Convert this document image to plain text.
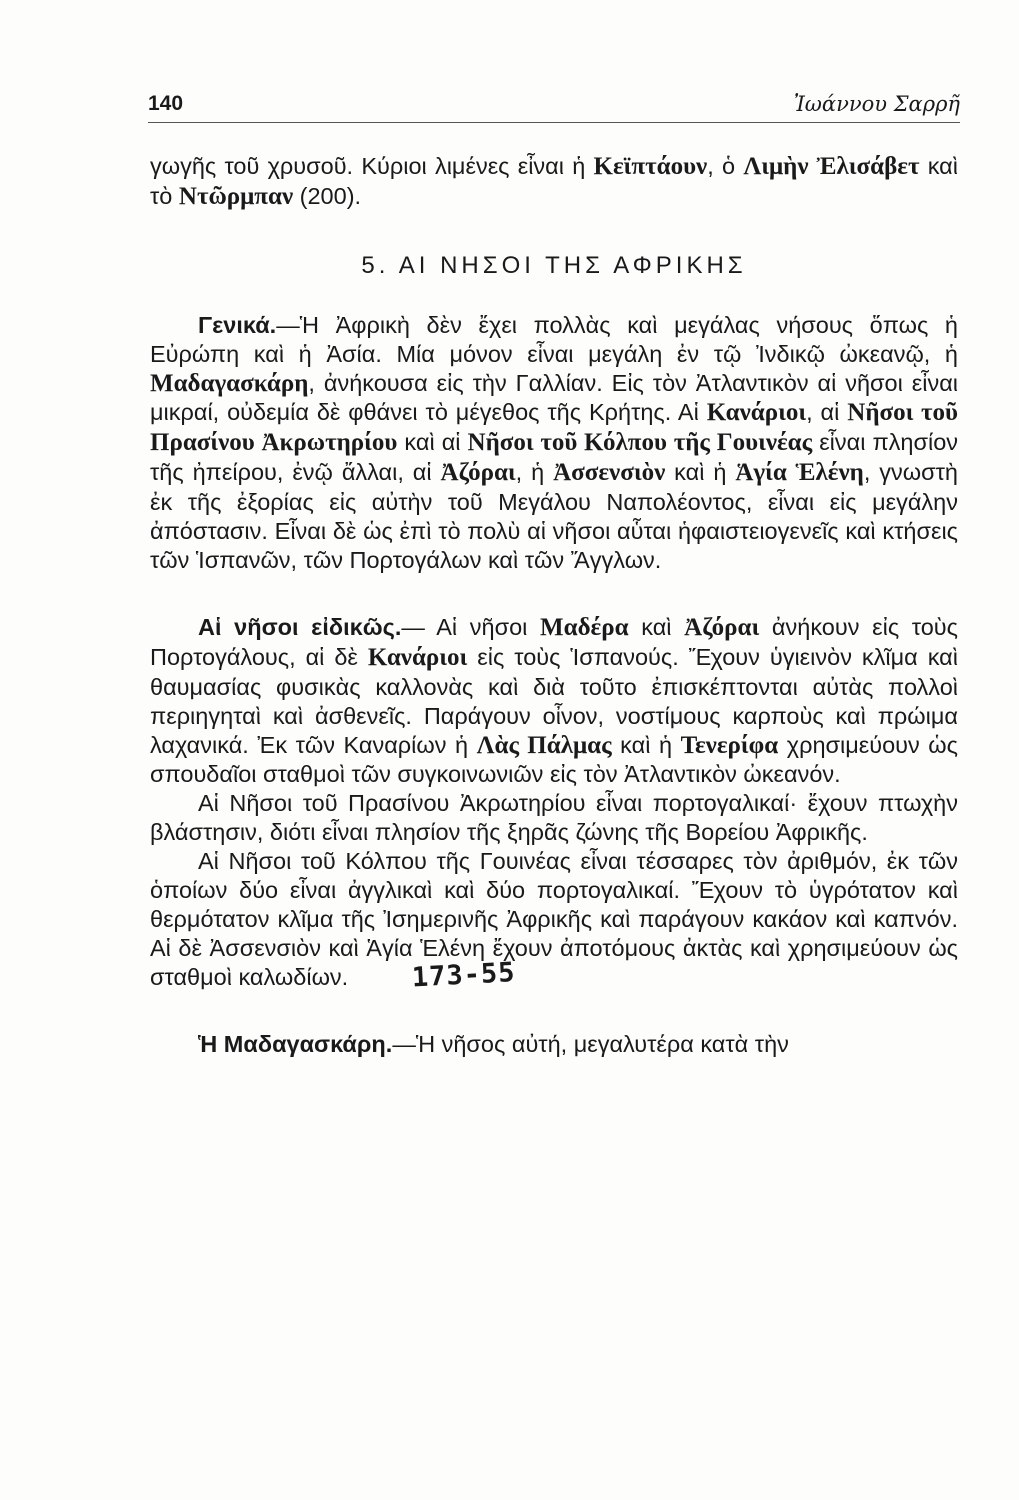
140	Ἰωάννου Σαρρῆ

γωγῆς τοῦ χρυσοῦ. Κύριοι λιμένες εἶναι ἡ Κεϊπτάουν, ὁ Λιμὴν Ἐλισάβετ καὶ τὸ Ντῶρμπαν (200).

5. ΑΙ ΝΗΣΟΙ ΤΗΣ ΑΦΡΙΚΗΣ

Γενικά.—Ἡ Ἀφρικὴ δὲν ἔχει πολλὰς καὶ μεγάλας νήσους ὅπως ἡ Εὐρώπη καὶ ἡ Ἀσία. Μία μόνον εἶναι μεγάλη ἐν τῷ Ἰνδικῷ ὠκεανῷ, ἡ Μαδαγασκάρη, ἀνήκουσα εἰς τὴν Γαλλίαν. Εἰς τὸν Ἀτλαντικὸν αἱ νῆσοι εἶναι μικραί, οὐδεμία δὲ φθάνει τὸ μέγεθος τῆς Κρήτης. Αἱ Κανάριοι, αἱ Νῆσοι τοῦ Πρασίνου Ἀκρωτηρίου καὶ αἱ Νῆσοι τοῦ Κόλπου τῆς Γουινέας εἶναι πλησίον τῆς ἠπείρου, ἐνῷ ἄλλαι, αἱ Ἀζόραι, ἡ Ἀσσενσιὸν καὶ ἡ Ἁγία Ἑλένη, γνωστὴ ἐκ τῆς ἐξορίας εἰς αὐτὴν τοῦ Μεγάλου Ναπολέοντος, εἶναι εἰς μεγάλην ἀπόστασιν. Εἶναι δὲ ὡς ἐπὶ τὸ πολὺ αἱ νῆσοι αὗται ἡφαιστειογενεῖς καὶ κτήσεις τῶν Ἱσπανῶν, τῶν Πορτογάλων καὶ τῶν Ἄγγλων.

Αἱ νῆσοι εἰδικῶς.— Αἱ νῆσοι Μαδέρα καὶ Ἀζόραι ἀνήκουν εἰς τοὺς Πορτογάλους, αἱ δὲ Κανάριοι εἰς τοὺς Ἱσπανούς. Ἔχουν ὑγιεινὸν κλῖμα καὶ θαυμασίας φυσικὰς καλλονὰς καὶ διὰ τοῦτο ἐπισκέπτονται αὐτὰς πολλοὶ περιηγηταὶ καὶ ἀσθενεῖς. Παράγουν οἶνον, νοστίμους καρποὺς καὶ πρώιμα λαχανικά. Ἐκ τῶν Καναρίων ἡ Λὰς Πάλμας καὶ ἡ Τενερίφα χρησιμεύουν ὡς σπουδαῖοι σταθμοὶ τῶν συγκοινωνιῶν εἰς τὸν Ἀτλαντικὸν ὠκεανόν.

Αἱ Νῆσοι τοῦ Πρασίνου Ἀκρωτηρίου εἶναι πορτογαλικαί· ἔχουν πτωχὴν βλάστησιν, διότι εἶναι πλησίον τῆς ξηρᾶς ζώνης τῆς Βορείου Ἀφρικῆς.

Αἱ Νῆσοι τοῦ Κόλπου τῆς Γουινέας εἶναι τέσσαρες τὸν ἀριθμόν, ἐκ τῶν ὁποίων δύο εἶναι ἀγγλικαὶ καὶ δύο πορτογαλικαί. Ἔχουν τὸ ὑγρότατον καὶ θερμότατον κλῖμα τῆς Ἰσημερινῆς Ἀφρικῆς καὶ παράγουν κακάον καὶ καπνόν. Αἱ δὲ Ἀσσενσιὸν καὶ Ἁγία Ἑλένη ἔχουν ἀποτόμους ἀκτὰς καὶ χρησιμεύουν ὡς σταθμοὶ καλωδίων. 173-55

Ἡ Μαδαγασκάρη.—Ἡ νῆσος αὐτή, μεγαλυτέρα κατὰ τὴν
